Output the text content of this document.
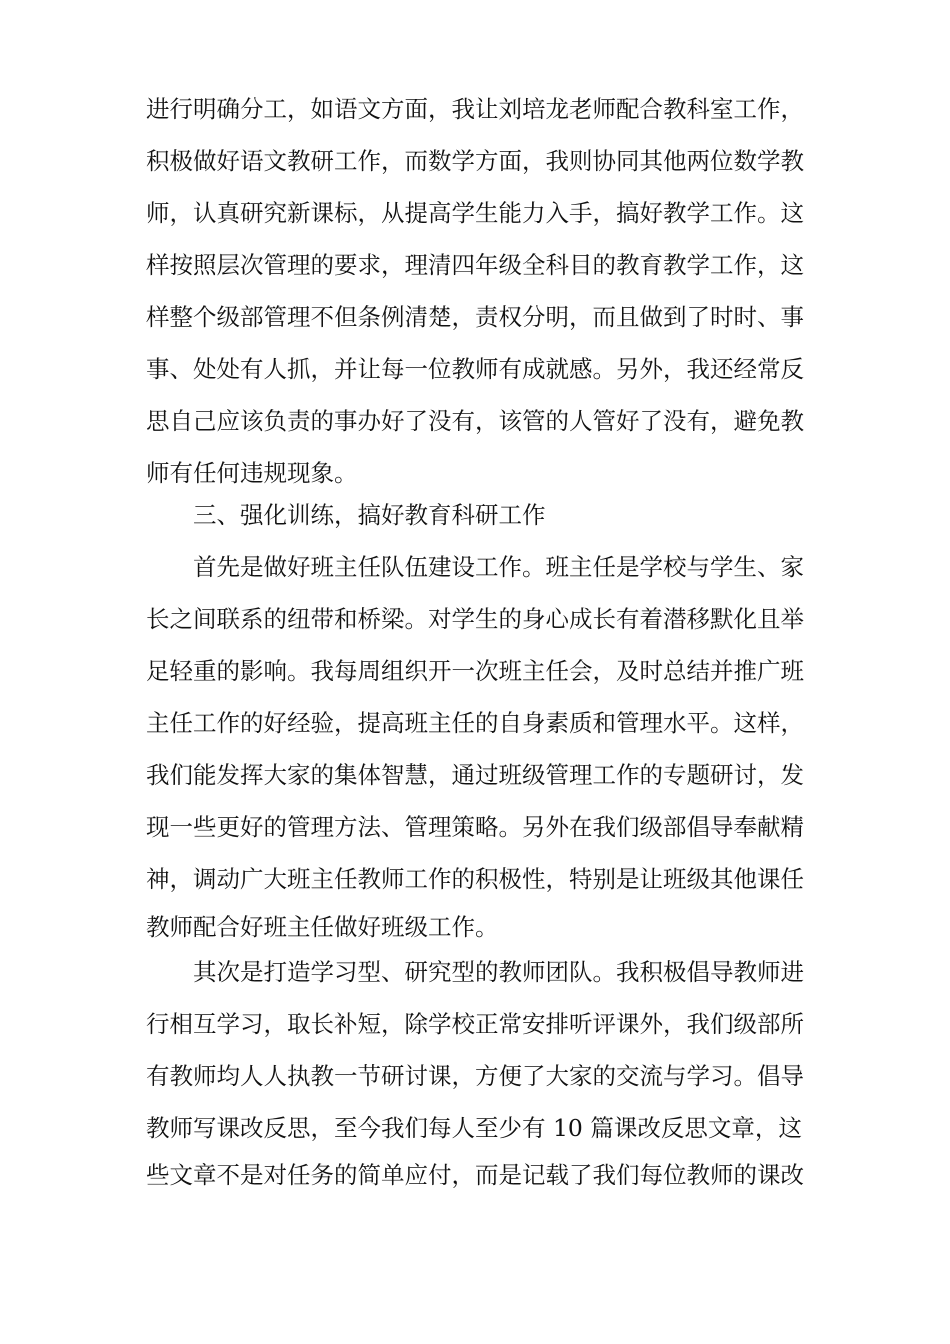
进行明确分工，如语文方面，我让刘培龙老师配合教科室工作，
积极做好语文教研工作，而数学方面，我则协同其他两位数学教
师，认真研究新课标，从提高学生能力入手，搞好教学工作。这
样按照层次管理的要求，理清四年级全科目的教育教学工作，这
样整个级部管理不但条例清楚，责权分明，而且做到了时时、事
事、处处有人抓，并让每一位教师有成就感。另外，我还经常反
思自己应该负责的事办好了没有，该管的人管好了没有，避免教
师有任何违规现象。
三、强化训练，搞好教育科研工作
首先是做好班主任队伍建设工作。班主任是学校与学生、家
长之间联系的纽带和桥梁。对学生的身心成长有着潜移默化且举
足轻重的影响。我每周组织开一次班主任会，及时总结并推广班
主任工作的好经验，提高班主任的自身素质和管理水平。这样，
我们能发挥大家的集体智慧，通过班级管理工作的专题研讨，发
现一些更好的管理方法、管理策略。另外在我们级部倡导奉献精
神，调动广大班主任教师工作的积极性，特别是让班级其他课任
教师配合好班主任做好班级工作。
其次是打造学习型、研究型的教师团队。我积极倡导教师进
行相互学习，取长补短，除学校正常安排听评课外，我们级部所
有教师均人人执教一节研讨课，方便了大家的交流与学习。倡导
教师写课改反思，至今我们每人至少有 10 篇课改反思文章，这
些文章不是对任务的简单应付，而是记载了我们每位教师的课改
